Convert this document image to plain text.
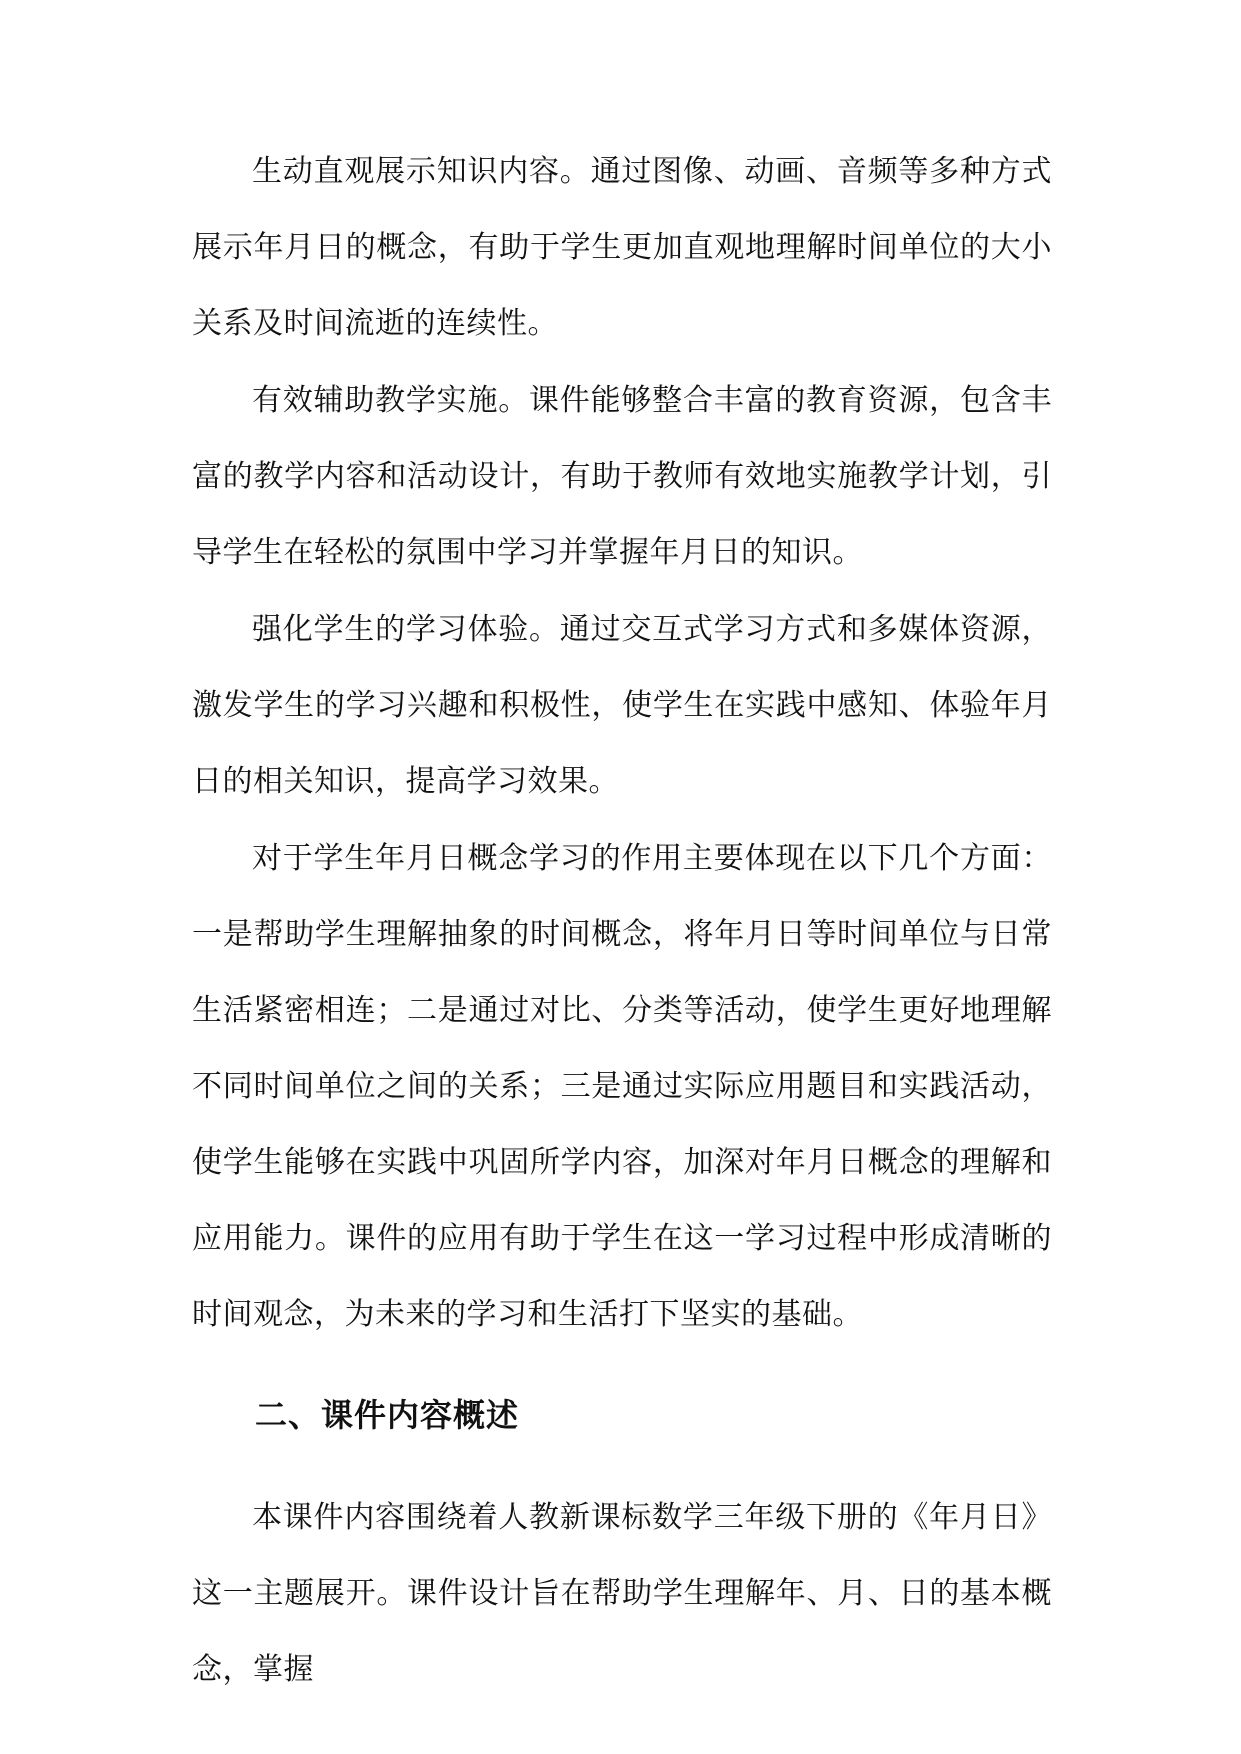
生动直观展示知识内容。通过图像、动画、音频等多种方式展示年月日的概念，有助于学生更加直观地理解时间单位的大小关系及时间流逝的连续性。

有效辅助教学实施。课件能够整合丰富的教育资源，包含丰富的教学内容和活动设计，有助于教师有效地实施教学计划，引导学生在轻松的氛围中学习并掌握年月日的知识。

强化学生的学习体验。通过交互式学习方式和多媒体资源，激发学生的学习兴趣和积极性，使学生在实践中感知、体验年月日的相关知识，提高学习效果。

对于学生年月日概念学习的作用主要体现在以下几个方面：一是帮助学生理解抽象的时间概念，将年月日等时间单位与日常生活紧密相连；二是通过对比、分类等活动，使学生更好地理解不同时间单位之间的关系；三是通过实际应用题目和实践活动，使学生能够在实践中巩固所学内容，加深对年月日概念的理解和应用能力。课件的应用有助于学生在这一学习过程中形成清晰的时间观念，为未来的学习和生活打下坚实的基础。

二、课件内容概述

本课件内容围绕着人教新课标数学三年级下册的《年月日》这一主题展开。课件设计旨在帮助学生理解年、月、日的基本概念，掌握
